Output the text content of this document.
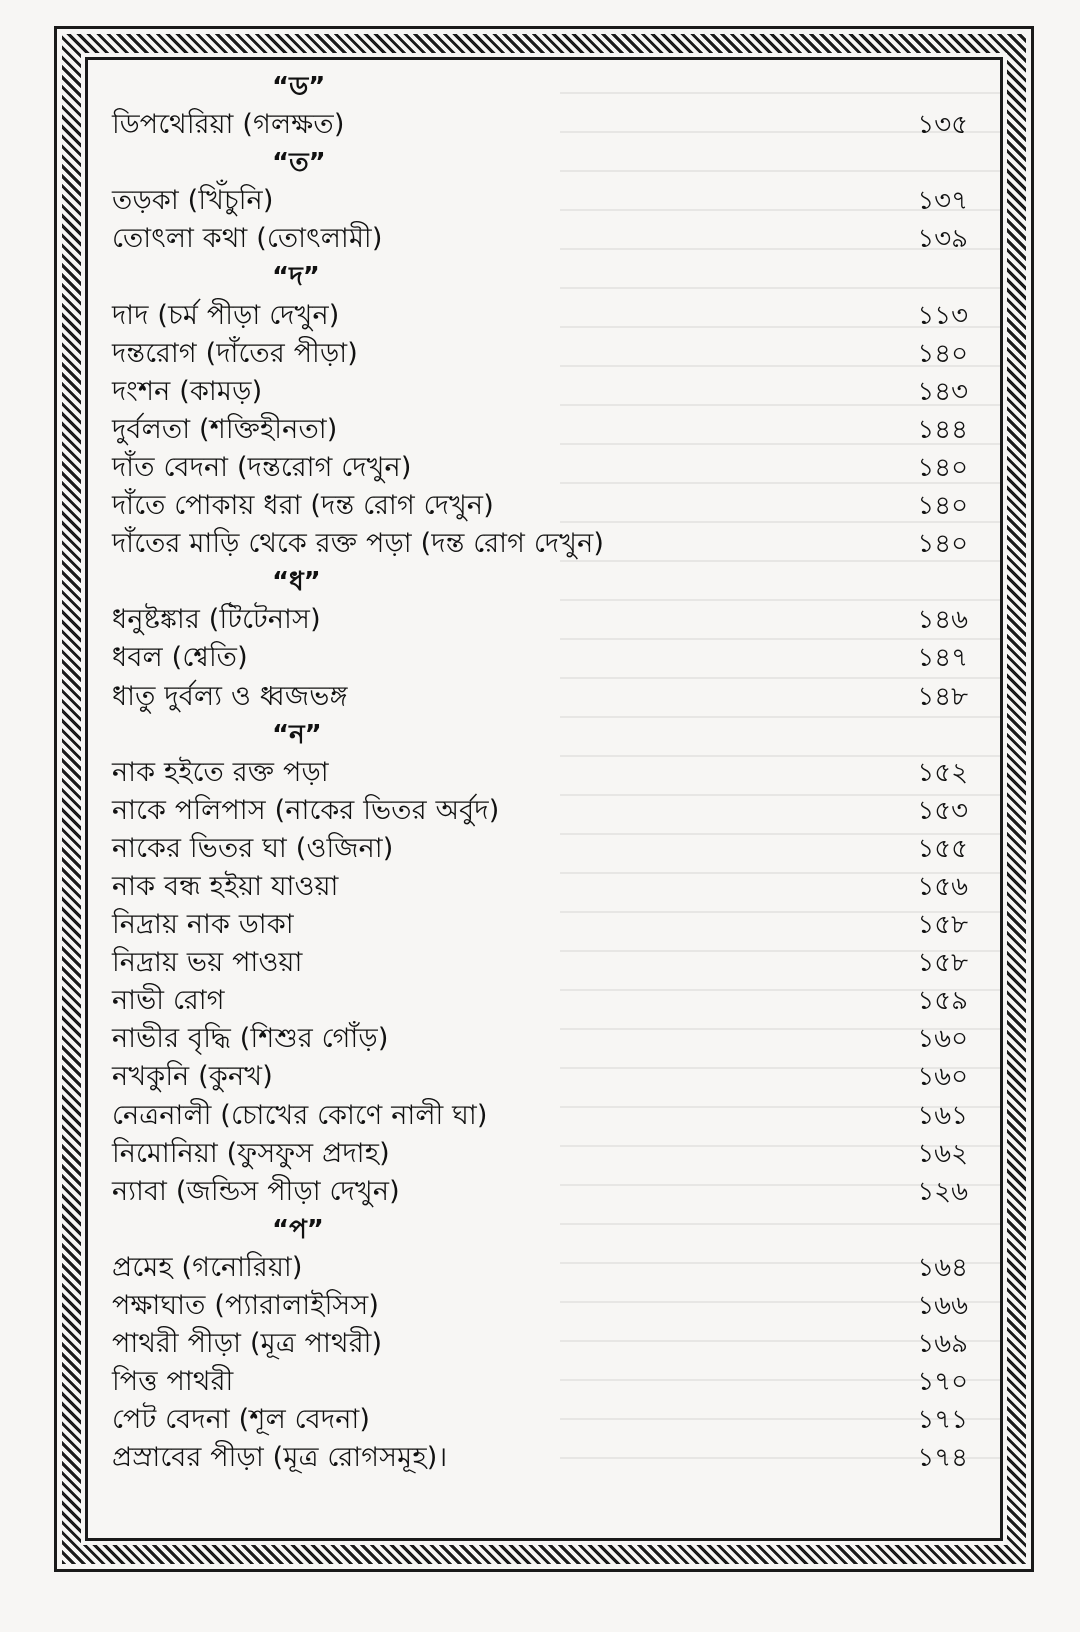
“ড”
ডিপথেরিয়া (গলক্ষত)	১৩৫
“ত”
তড়কা (খিঁচুনি)	১৩৭
তোৎলা কথা (তোৎলামী)	১৩৯
“দ”
দাদ (চর্ম পীড়া দেখুন)	১১৩
দন্তরোগ (দাঁতের পীড়া)	১৪০
দংশন (কামড়)	১৪৩
দুর্বলতা (শক্তিহীনতা)	১৪৪
দাঁত বেদনা (দন্তরোগ দেখুন)	১৪০
দাঁতে পোকায় ধরা (দন্ত রোগ দেখুন)	১৪০
দাঁতের মাড়ি থেকে রক্ত পড়া (দন্ত রোগ দেখুন)	১৪০
“ধ”
ধনুষ্টঙ্কার (টিটেনাস)	১৪৬
ধবল (শ্বেতি)	১৪৭
ধাতু দুর্বল্য ও ধ্বজভঙ্গ	১৪৮
“ন”
নাক হইতে রক্ত পড়া	১৫২
নাকে পলিপাস (নাকের ভিতর অর্বুদ)	১৫৩
নাকের ভিতর ঘা (ওজিনা)	১৫৫
নাক বন্ধ হইয়া যাওয়া	১৫৬
নিদ্রায় নাক ডাকা	১৫৮
নিদ্রায় ভয় পাওয়া	১৫৮
নাভী রোগ	১৫৯
নাভীর বৃদ্ধি (শিশুর গোঁড়)	১৬০
নখকুনি (কুনখ)	১৬০
নেত্রনালী (চোখের কোণে নালী ঘা)	১৬১
নিমোনিয়া (ফুসফুস প্রদাহ)	১৬২
ন্যাবা (জন্ডিস পীড়া দেখুন)	১২৬
“প”
প্রমেহ (গনোরিয়া)	১৬৪
পক্ষাঘাত (প্যারালাইসিস)	১৬৬
পাথরী পীড়া (মূত্র পাথরী)	১৬৯
পিত্ত পাথরী	১৭০
পেট বেদনা (শূল বেদনা)	১৭১
প্রস্রাবের পীড়া (মূত্র রোগসমূহ)।	১৭৪
